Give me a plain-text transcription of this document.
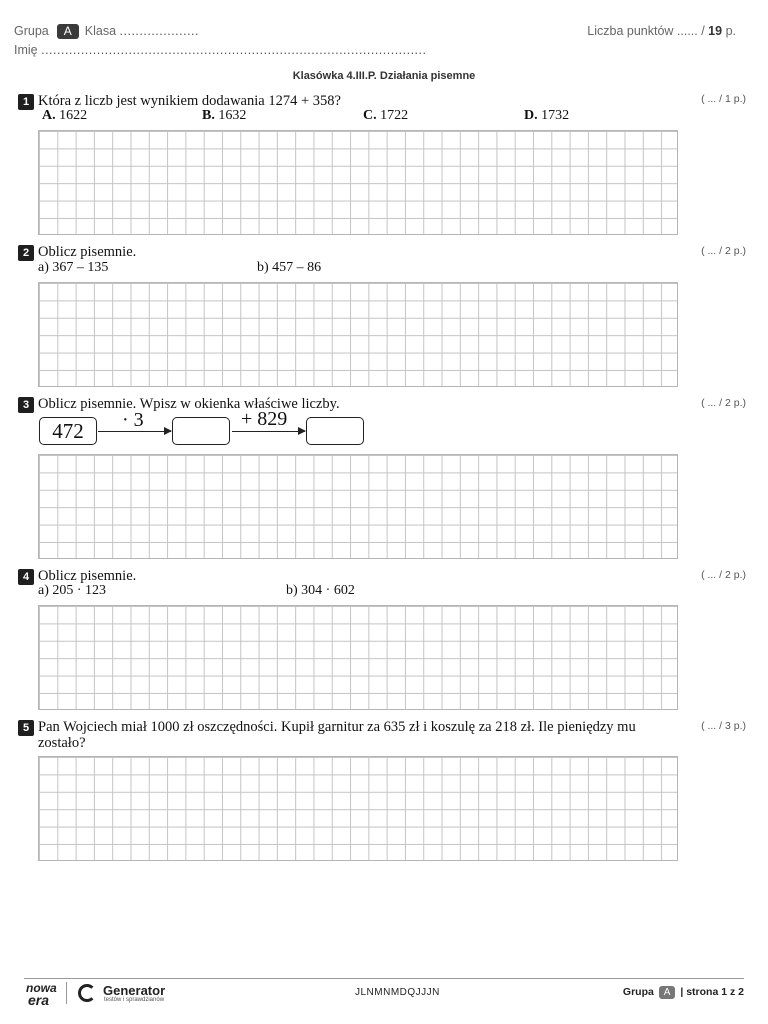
Grupa A Klasa ....................	Liczba punktów ...... / 19 p.
Imię .................................................................................................
Klasówka 4.III.P. Działania pisemne
1 Która z liczb jest wynikiem dodawania 1274 + 358?	( ... / 1 p.)
A. 1622	B. 1632	C. 1722	D. 1732
2 Oblicz pisemnie.	( ... / 2 p.)
a) 367 – 135	b) 457 – 86
3 Oblicz pisemnie. Wpisz w okienka właściwe liczby.	( ... / 2 p.)
472	· 3	+ 829
4 Oblicz pisemnie.	( ... / 2 p.)
a) 205 · 123	b) 304 · 602
5 Pan Wojciech miał 1000 zł oszczędności. Kupił garnitur za 635 zł i koszulę za 218 zł. Ile pieniędzy mu
zostało?
( ... / 3 p.)
nowa
era
Generator
testów i sprawdzianów
JLNMNMDQJJJN	Grupa A | strona 1 z 2
